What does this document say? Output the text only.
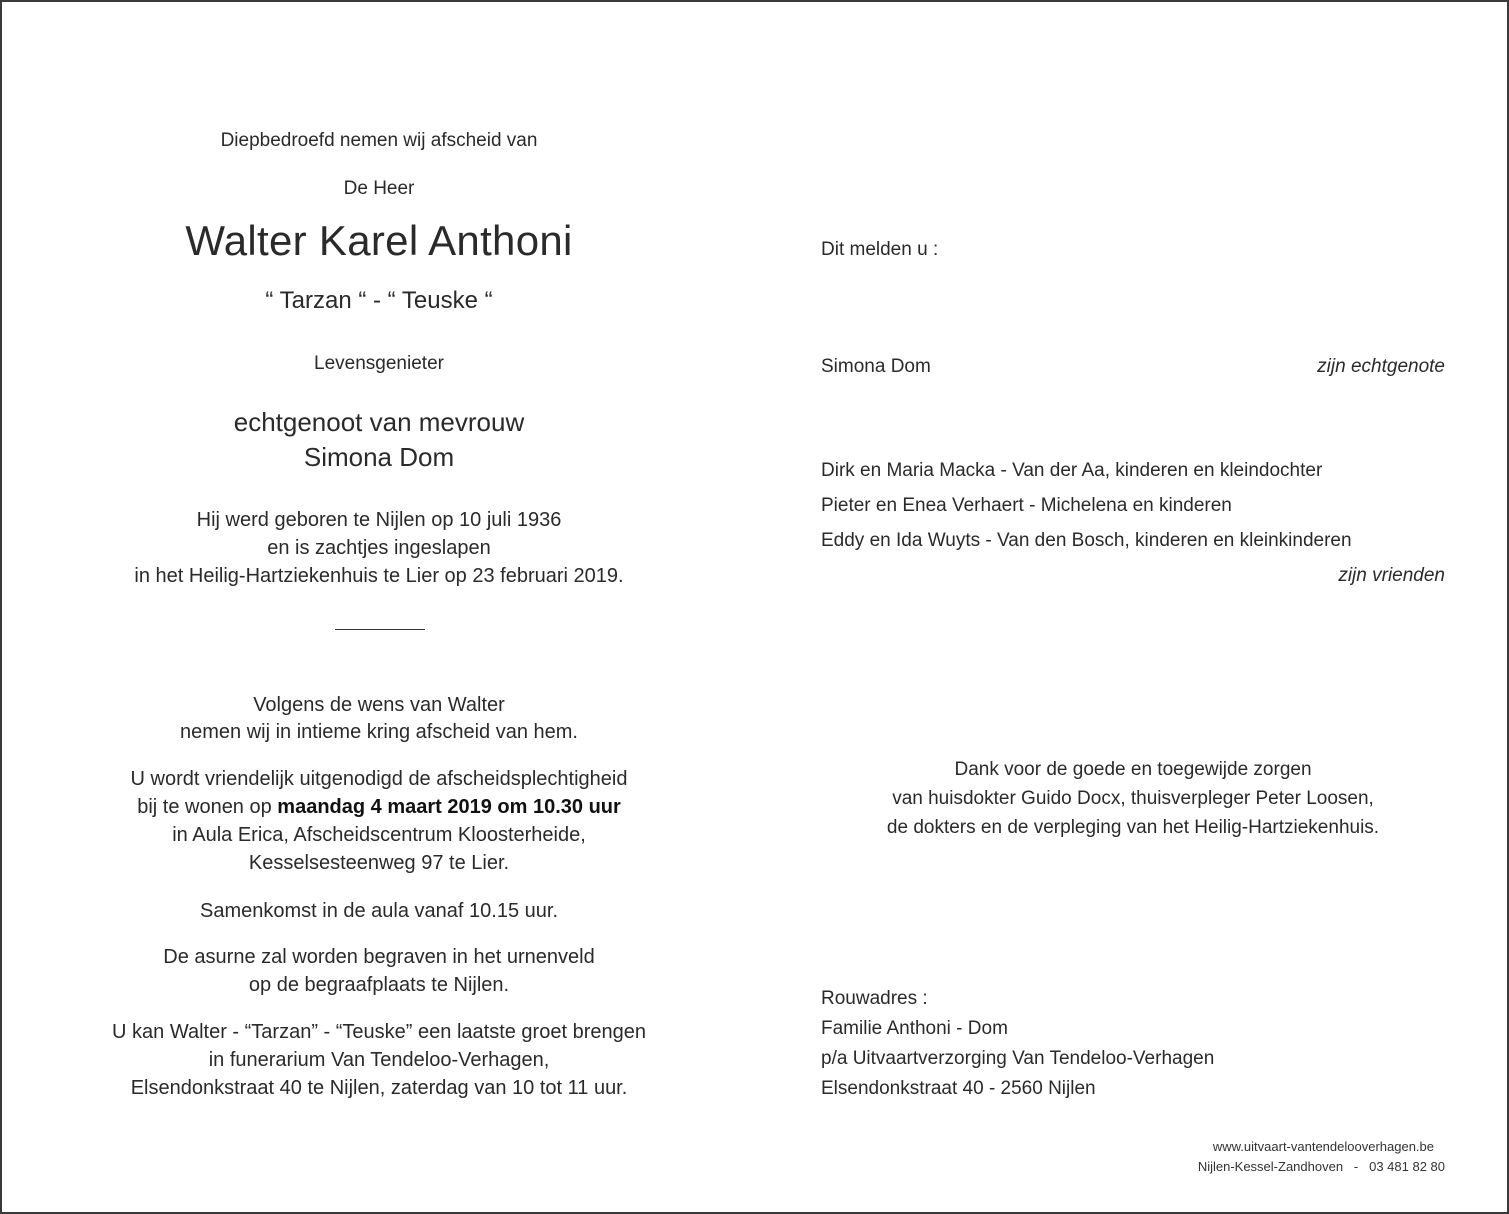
Diepbedroefd nemen wij afscheid van
De Heer
Walter Karel Anthoni
“ Tarzan “ - “ Teuske “
Levensgenieter
echtgenoot van mevrouw
Simona Dom
Hij werd geboren te Nijlen op 10 juli 1936
en is zachtjes ingeslapen
in het Heilig-Hartziekenhuis te Lier op 23 februari 2019.
Volgens de wens van Walter
nemen wij in intieme kring afscheid van hem.
U wordt vriendelijk uitgenodigd de afscheidsplechtigheid
bij te wonen op maandag 4 maart 2019 om 10.30 uur
in Aula Erica, Afscheidscentrum Kloosterheide,
Kesselsesteenweg 97 te Lier.
Samenkomst in de aula vanaf 10.15 uur.
De asurne zal worden begraven in het urnenveld
op de begraafplaats te Nijlen.
U kan Walter - “Tarzan” - “Teuske” een laatste groet brengen
in funerarium Van Tendeloo-Verhagen,
Elsendonkstraat 40 te Nijlen, zaterdag van 10 tot 11 uur.
Dit melden u :
Simona Dom	zijn echtgenote
Dirk en Maria Macka - Van der Aa, kinderen en kleindochter
Pieter en Enea Verhaert - Michelena en kinderen
Eddy en Ida Wuyts - Van den Bosch, kinderen en kleinkinderen
zijn vrienden
Dank voor de goede en toegewijde zorgen
van huisdokter Guido Docx, thuisverpleger Peter Loosen,
de dokters en de verpleging van het Heilig-Hartziekenhuis.
Rouwadres :
Familie Anthoni - Dom
p/a Uitvaartverzorging Van Tendeloo-Verhagen
Elsendonkstraat 40 - 2560 Nijlen
www.uitvaart-vantendelooverhagen.be
Nijlen-Kessel-Zandhoven - 03 481 82 80
